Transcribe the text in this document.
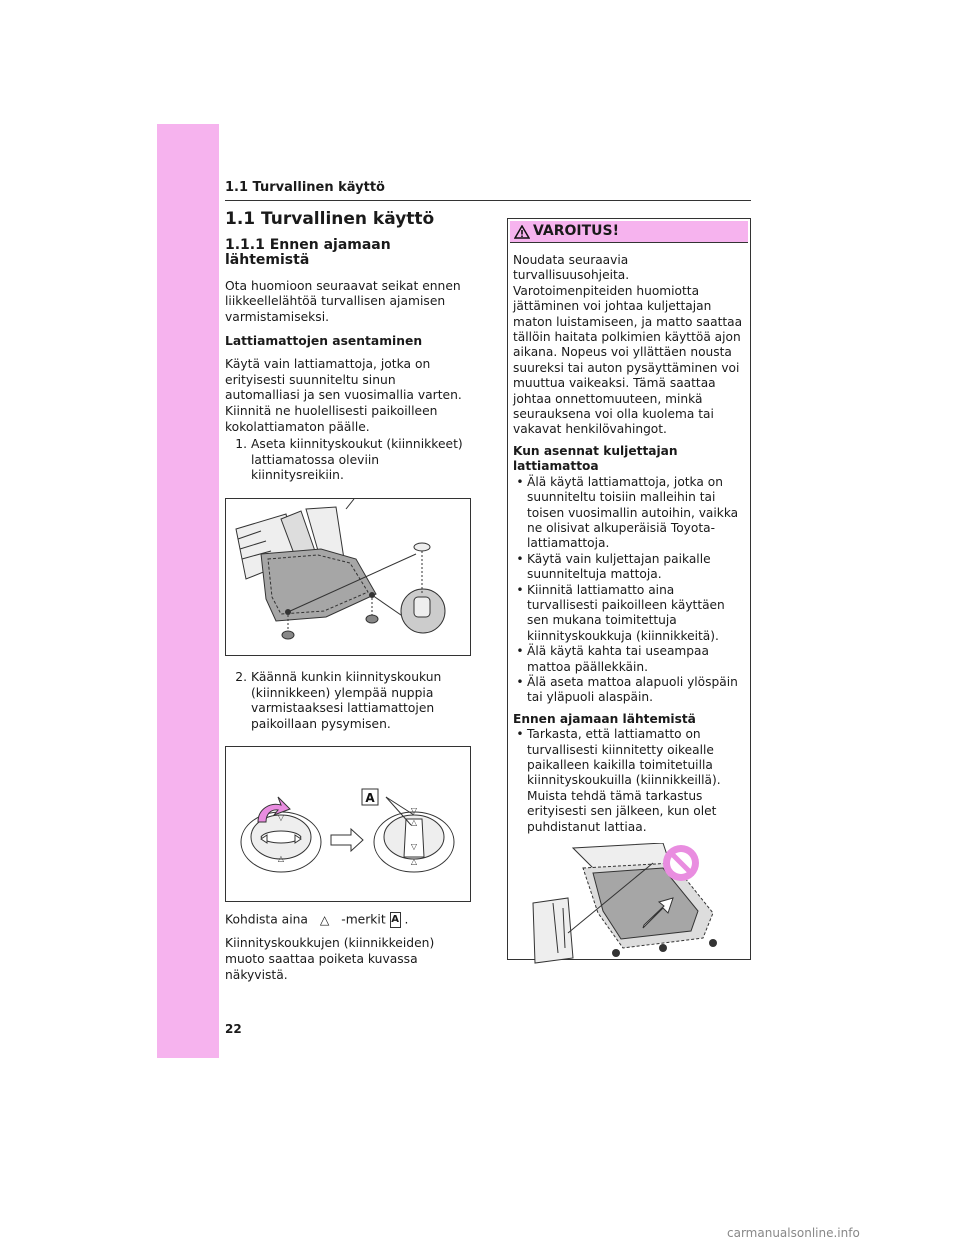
1.1 Turvallinen käyttö
1.1 Turvallinen käyttö
1.1.1 Ennen ajamaan lähtemistä

Ota huomioon seuraavat seikat ennen liikkeellelähtöä turvallisen ajamisen varmistamiseksi.

Lattiamattojen asentaminen

Käytä vain lattiamattoja, jotka on erityisesti suunniteltu sinun automalliasi ja sen vuosimallia varten. Kiinnitä ne huolellisesti paikoilleen kokolattiamaton päälle.

1. Aseta kiinnityskoukut (kiinnikkeet) lattiamatossa oleviin kiinnitysreikiin.
2. Käännä kunkin kiinnityskoukun (kiinnikkeen) ylempää nuppia varmistaaksesi lattiamattojen paikoillaan pysymisen.
A
▽
△
▽
△
▽
△

Kohdista aina △ -merkit A .

Kiinnityskoukkujen (kiinnikkeiden) muoto saattaa poiketa kuvassa näkyvistä.

VAROITUS!

Noudata seuraavia turvallisuusohjeita. Varotoimenpiteiden huomiotta jättäminen voi johtaa kuljettajan maton luistamiseen, ja matto saattaa tällöin haitata polkimien käyttöä ajon aikana. Nopeus voi yllättäen nousta suureksi tai auton pysäyttäminen voi muuttua vaikeaksi. Tämä saattaa johtaa onnettomuuteen, minkä seurauksena voi olla kuolema tai vakavat henkilövahingot.

Kun asennat kuljettajan lattiamattoa
• Älä käytä lattiamattoja, jotka on suunniteltu toisiin malleihin tai toisen vuosimallin autoihin, vaikka ne olisivat alkuperäisiä Toyota-lattiamattoja.
• Käytä vain kuljettajan paikalle suunniteltuja mattoja.
• Kiinnitä lattiamatto aina turvallisesti paikoilleen käyttäen sen mukana toimitettuja kiinnityskoukkuja (kiinnikkeitä).
• Älä käytä kahta tai useampaa mattoa päällekkäin.
• Älä aseta mattoa alapuoli ylöspäin tai yläpuoli alaspäin.
Ennen ajamaan lähtemistä
• Tarkasta, että lattiamatto on turvallisesti kiinnitetty oikealle paikalleen kaikilla toimitetuilla kiinnityskoukuilla (kiinnikkeillä). Muista tehdä tämä tarkastus erityisesti sen jälkeen, kun olet puhdistanut lattiaa.
22
carmanualsonline.info
